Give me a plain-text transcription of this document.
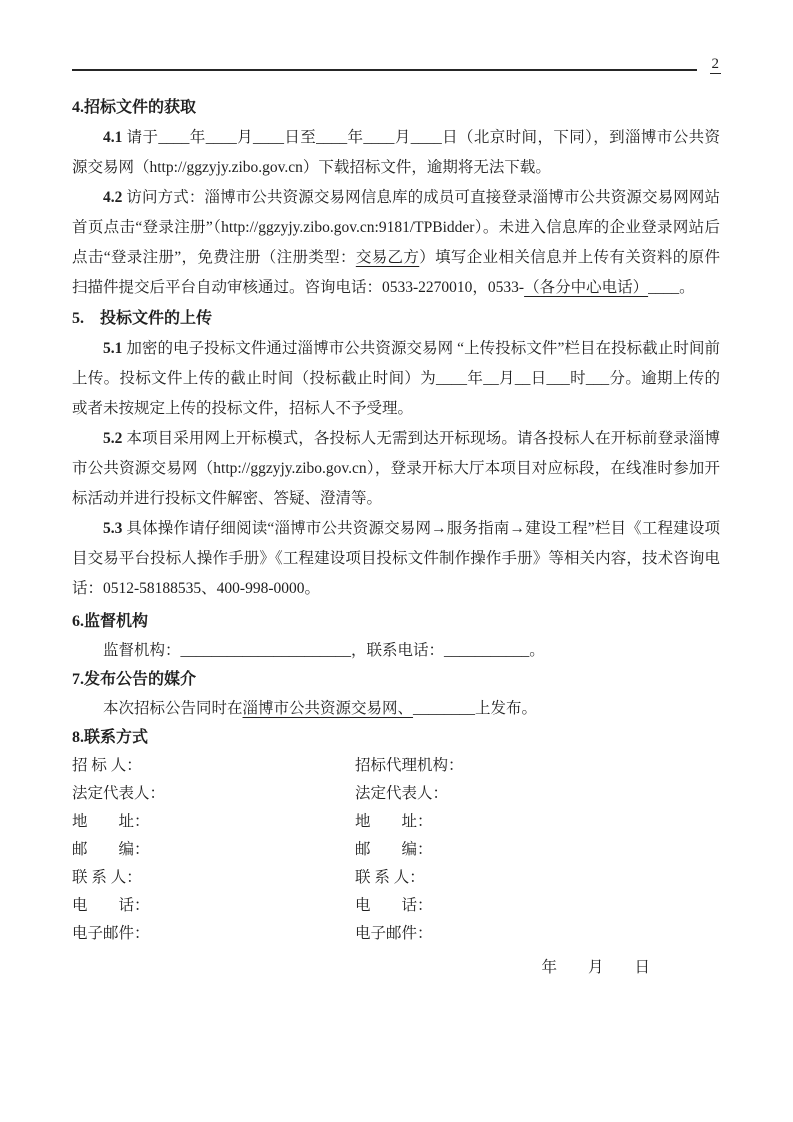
2

4.招标文件的获取

4.1 请于____年____月____日至____年____月____日（北京时间，下同），到淄博市公共资源交易网（http://ggzyjy.zibo.gov.cn）下载招标文件，逾期将无法下载。

4.2 访问方式：淄博市公共资源交易网信息库的成员可直接登录淄博市公共资源交易网网站首页点击“登录注册”（http://ggzyjy.zibo.gov.cn:9181/TPBidder）。未进入信息库的企业登录网站后点击“登录注册”，免费注册（注册类型：交易乙方）填写企业相关信息并上传有关资料的原件扫描件提交后平台自动审核通过。咨询电话：0533-2270010，0533-（各分中心电话）____。

5.　投标文件的上传

5.1 加密的电子投标文件通过淄博市公共资源交易网 “上传投标文件”栏目在投标截止时间前上传。投标文件上传的截止时间（投标截止时间）为____年__月__日___时___分。逾期上传的或者未按规定上传的投标文件，招标人不予受理。

5.2 本项目采用网上开标模式，各投标人无需到达开标现场。请各投标人在开标前登录淄博市公共资源交易网（http://ggzyjy.zibo.gov.cn），登录开标大厅本项目对应标段，在线准时参加开标活动并进行投标文件解密、答疑、澄清等。

5.3 具体操作请仔细阅读“淄博市公共资源交易网→服务指南→建设工程”栏目《工程建设项目交易平台投标人操作手册》《工程建设项目投标文件制作操作手册》等相关内容，技术咨询电话：0512-58188535、400-998-0000。

6.监督机构

监督机构：______________________，联系电话：___________。

7.发布公告的媒介

本次招标公告同时在淄博市公共资源交易网、________上发布。

8.联系方式

招 标 人：	招标代理机构：
法定代表人：	法定代表人：
地　　址：	地　　址：
邮　　编：	邮　　编：
联 系 人：	联 系 人：
电　　话：	电　　话：
电子邮件：	电子邮件：
年　　月　　日
